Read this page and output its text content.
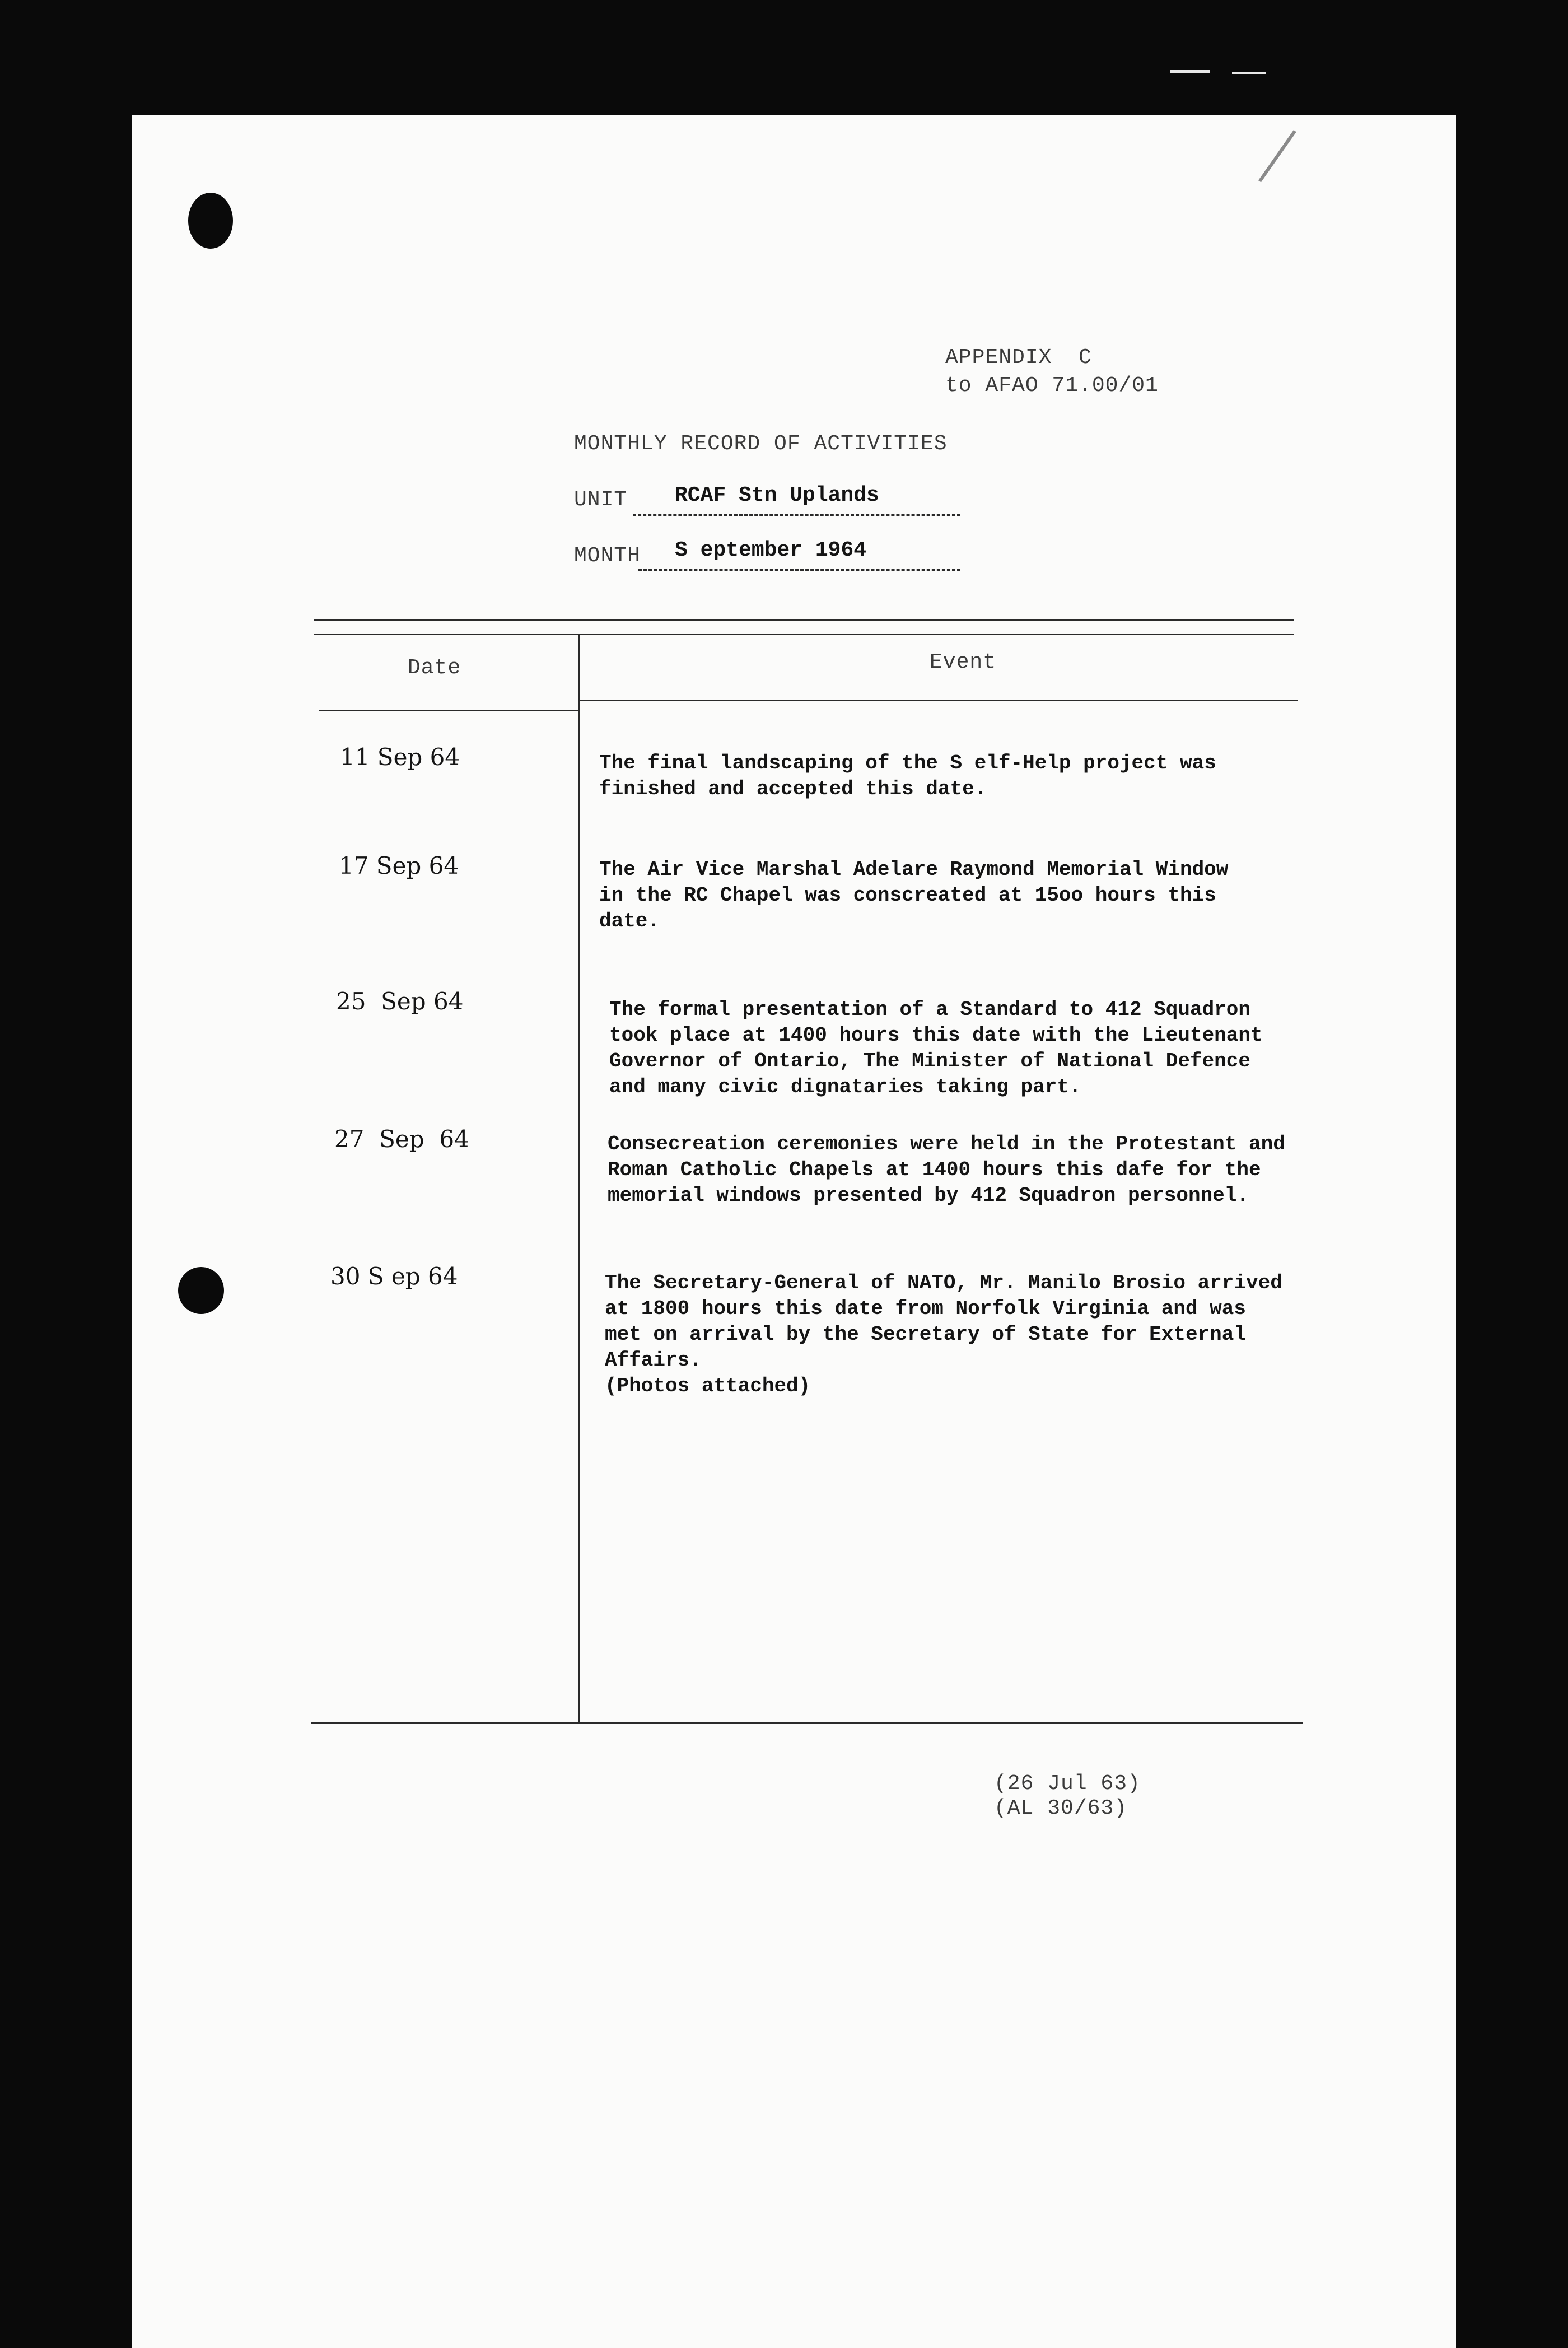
APPENDIX  C
to AFAO 71.00/01
MONTHLY RECORD OF ACTIVITIES
UNIT RCAF Stn Uplands
MONTH S eptember 1964
Date	Event
11 Sep 64	The final landscaping of the S elf-Help project was
finished and accepted this date.
17 Sep 64	The Air Vice Marshal Adelare Raymond Memorial Window
in the RC Chapel was conscreated at 15oo hours this
date.
25  Sep 64	The formal presentation of a Standard to 412 Squadron
took place at 1400 hours this date with the Lieutenant
Governor of Ontario, The Minister of National Defence
and many civic dignataries taking part.
27  Sep  64	Consecreation ceremonies were held in the Protestant and
Roman Catholic Chapels at 1400 hours this dafe for the
memorial windows presented by 412 Squadron personnel.
30 S ep 64	The Secretary-General of NATO, Mr. Manilo Brosio arrived
at 1800 hours this date from Norfolk Virginia and was
met on arrival by the Secretary of State for External
Affairs.
(Photos attached)
(26 Jul 63)
(AL 30/63)
